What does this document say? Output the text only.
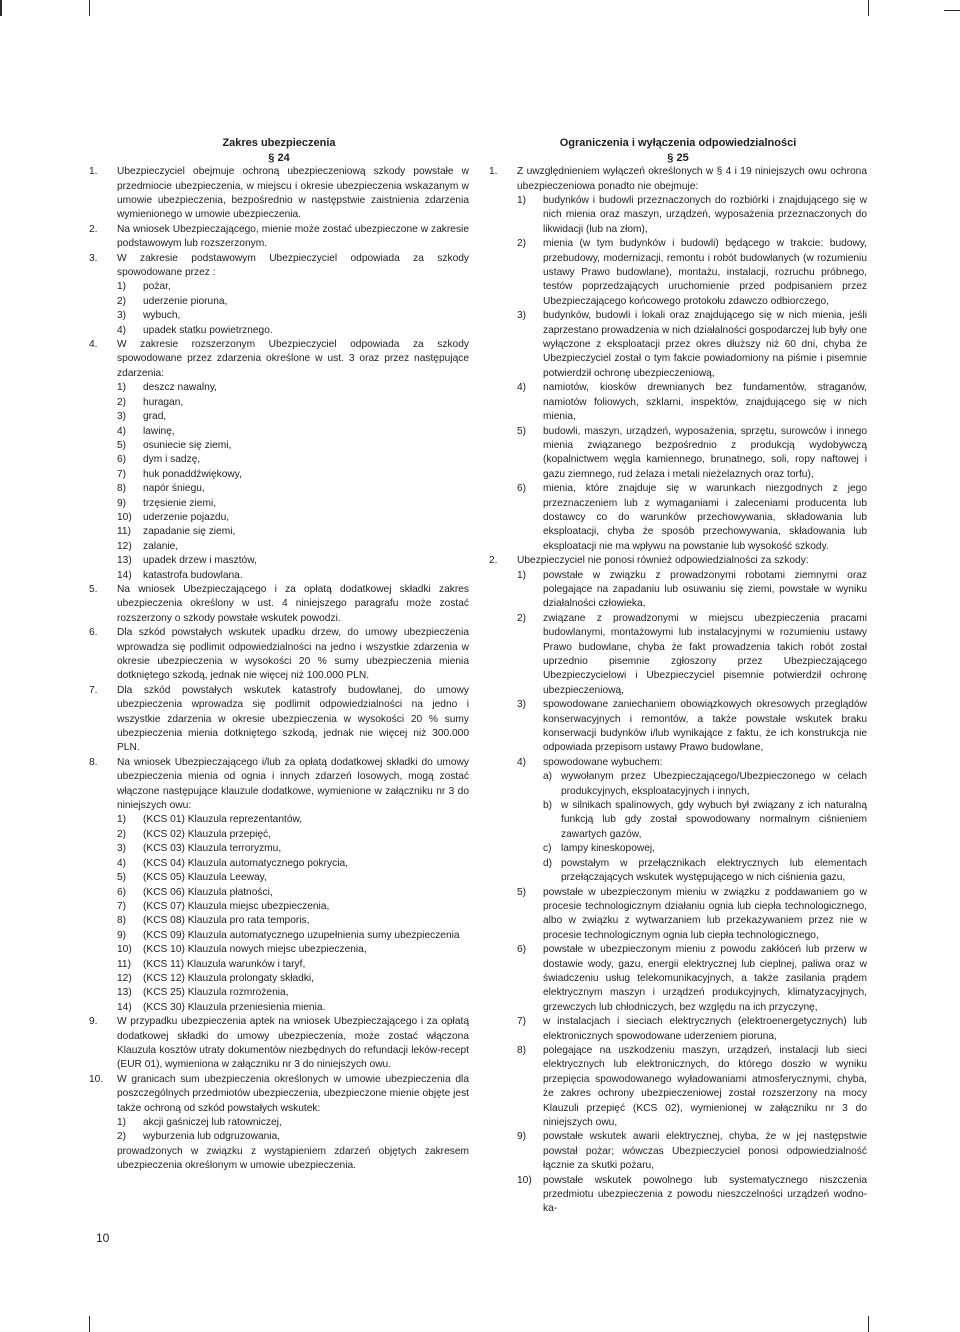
Zakres ubezpieczenia
§ 24
1.	Ubezpieczyciel obejmuje ochroną ubezpieczeniową szkody powstałe w przedmiocie ubezpieczenia, w miejscu i okresie ubezpieczenia wskazanym w umowie ubezpieczenia, bezpośrednio w następstwie zaistnienia zdarzenia wymienionego w umowie ubezpieczenia.
2.	Na wniosek Ubezpieczającego, mienie może zostać ubezpieczone w zakresie podstawowym lub rozszerzonym.
3.	W zakresie podstawowym Ubezpieczyciel odpowiada za szkody spowodowane przez :
1)	pożar,
2)	uderzenie pioruna,
3)	wybuch,
4)	upadek statku powietrznego.
4.	W zakresie rozszerzonym Ubezpieczyciel odpowiada za szkody spowodowane przez zdarzenia określone w ust. 3 oraz przez następujące zdarzenia:
1)	deszcz nawalny,
2)	huragan,
3)	grad,
4)	lawinę,
5)	osuniecie się ziemi,
6)	dym i sadzę,
7)	huk ponaddźwiękowy,
8)	napór śniegu,
9)	trzęsienie ziemi,
10)	uderzenie pojazdu,
11)	zapadanie się ziemi,
12)	zalanie,
13)	upadek drzew i masztów,
14)	katastrofa budowlana.
5.	Na wniosek Ubezpieczającego i za opłatą dodatkowej składki zakres ubezpieczenia określony w ust. 4 niniejszego paragrafu może zostać rozszerzony o szkody powstałe wskutek powodzi.
6.	Dla szkód powstałych wskutek upadku drzew, do umowy ubezpieczenia wprowadza się podlimit odpowiedzialności na jedno i wszystkie zdarzenia w okresie ubezpieczenia w wysokości 20 % sumy ubezpieczenia mienia dotkniętego szkodą, jednak nie więcej niż 100.000 PLN.
7.	Dla szkód powstałych wskutek katastrofy budowlanej, do umowy ubezpieczenia wprowadza się podlimit odpowiedzialności na jedno i wszystkie zdarzenia w okresie ubezpieczenia w wysokości 20 % sumy ubezpieczenia mienia dotkniętego szkodą, jednak nie więcej niż 300.000 PLN.
8.	Na wniosek Ubezpieczającego i/lub za opłatą dodatkowej składki do umowy ubezpieczenia mienia od ognia i innych zdarzeń losowych, mogą zostać włączone następujące klauzule dodatkowe, wymienione w załączniku nr 3 do niniejszych owu:
1)	(KCS 01) Klauzula reprezentantów,
2)	(KCS 02) Klauzula przepięć,
3)	(KCS 03) Klauzula terroryzmu,
4)	(KCS 04) Klauzula automatycznego pokrycia,
5)	(KCS 05) Klauzula Leeway,
6)	(KCS 06) Klauzula płatności,
7)	(KCS 07) Klauzula miejsc ubezpieczenia,
8)	(KCS 08) Klauzula pro rata temporis,
9)	(KCS 09) Klauzula automatycznego uzupełnienia sumy ubezpieczenia
10)	(KCS 10) Klauzula nowych miejsc ubezpieczenia,
11)	(KCS 11) Klauzula warunków i taryf,
12)	(KCS 12) Klauzula prolongaty składki,
13)	(KCS 25) Klauzula rozmrożenia,
14)	(KCS 30) Klauzula przeniesienia mienia.
9.	W przypadku ubezpieczenia aptek na wniosek Ubezpieczającego i za opłatą dodatkowej składki do umowy ubezpieczenia, może zostać włączona Klauzula kosztów utraty dokumentów niezbędnych do refundacji leków-recept (EUR 01), wymieniona w załączniku nr 3 do niniejszych owu.
10.	W granicach sum ubezpieczenia określonych w umowie ubezpieczenia dla poszczególnych przedmiotów ubezpieczenia, ubezpieczone mienie objęte jest także ochroną od szkód powstałych wskutek:
1)	akcji gaśniczej lub ratowniczej,
2)	wyburzenia lub odgruzowania,
prowadzonych w związku z wystąpieniem zdarzeń objętych zakresem ubezpieczenia określonym w umowie ubezpieczenia.
Ograniczenia i wyłączenia odpowiedzialności
§ 25
1.	Z uwzględnieniem wyłączeń określonych w § 4 i 19 niniejszych owu ochrona ubezpieczeniowa ponadto nie obejmuje:
1)	budynków i budowli przeznaczonych do rozbiórki i znajdującego się w nich mienia oraz maszyn, urządzeń, wyposażenia przeznaczonych do likwidacji (lub na złom),
2)	mienia (w tym budynków i budowli) będącego w trakcie: budowy, przebudowy, modernizacji, remontu i robót budowlanych (w rozumieniu ustawy Prawo budowlane), montażu, instalacji, rozruchu próbnego, testów poprzedzających uruchomienie przed podpisaniem przez Ubezpieczającego końcowego protokołu zdawczo odbiorczego,
3)	budynków, budowli i lokali oraz znajdującego się w nich mienia, jeśli zaprzestano prowadzenia w nich działalności gospodarczej lub były one wyłączone z eksploatacji przez okres dłuższy niż 60 dni, chyba że Ubezpieczyciel został o tym fakcie powiadomiony na piśmie i pisemnie potwierdził ochronę ubezpieczeniową,
4)	namiotów, kiosków drewnianych bez fundamentów, straganów, namiotów foliowych, szklarni, inspektów, znajdującego się w nich mienia,
5)	budowli, maszyn, urządzeń, wyposażenia, sprzętu, surowców i innego mienia związanego bezpośrednio z produkcją wydobywczą (kopalnictwem węgla kamiennego, brunatnego, soli, ropy naftowej i gazu ziemnego, rud żelaza i metali nieżelaznych oraz torfu),
6)	mienia, które znajduje się w warunkach niezgodnych z jego przeznaczeniem lub z wymaganiami i zaleceniami producenta lub dostawcy co do warunków przechowywania, składowania lub eksploatacji, chyba że sposób przechowywania, składowania lub eksploatacji nie ma wpływu na powstanie lub wysokość szkody.
2.	Ubezpieczyciel nie ponosi również odpowiedzialności za szkody:
1)	powstałe w związku z prowadzonymi robotami ziemnymi oraz polegające na zapadaniu lub osuwaniu się ziemi, powstałe w wyniku działalności człowieka,
2)	związane z prowadzonymi w miejscu ubezpieczenia pracami budowlanymi, montażowymi lub instalacyjnymi w rozumieniu ustawy Prawo budowlane, chyba że fakt prowadzenia takich robót został uprzednio pisemnie zgłoszony przez Ubezpieczającego Ubezpieczycielowi i Ubezpieczyciel pisemnie potwierdził ochronę ubezpieczeniową,
3)	spowodowane zaniechaniem obowiązkowych okresowych przeglądów konserwacyjnych i remontów, a także powstałe wskutek braku konserwacji budynków i/lub wynikające z faktu, że ich konstrukcja nie odpowiada przepisom ustawy Prawo budowlane,
4)	spowodowane wybuchem:
a) wywołanym przez Ubezpieczającego/Ubezpieczonego w celach produkcyjnych, eksploatacyjnych i innych,
b) w silnikach spalinowych, gdy wybuch był związany z ich naturalną funkcją lub gdy został spowodowany normalnym ciśnieniem zawartych gazów,
c) lampy kineskopowej,
d) powstałym w przełącznikach elektrycznych lub elementach przełączających wskutek występującego w nich ciśnienia gazu,
5)	powstałe w ubezpieczonym mieniu w związku z poddawaniem go w procesie technologicznym działaniu ognia lub ciepła technologicznego, albo w związku z wytwarzaniem lub przekazywaniem przez nie w procesie technologicznym ognia lub ciepła technologicznego,
6)	powstałe w ubezpieczonym mieniu z powodu zakłóceń lub przerw w dostawie wody, gazu, energii elektrycznej lub cieplnej, paliwa oraz w świadczeniu usług telekomunikacyjnych, a także zasilania prądem elektrycznym maszyn i urządzeń produkcyjnych, klimatyzacyjnych, grzewczych lub chłodniczych, bez względu na ich przyczynę,
7)	w instalacjach i sieciach elektrycznych (elektroenergetycznych) lub elektronicznych spowodowane uderzeniem pioruna,
8)	polegające na uszkodzeniu maszyn, urządzeń, instalacji lub sieci elektrycznych lub elektronicznych, do którego doszło w wyniku przepięcia spowodowanego wyładowaniami atmosferycznymi, chyba, że zakres ochrony ubezpieczeniowej został rozszerzony na mocy Klauzuli przepięć (KCS 02), wymienionej w załączniku nr 3 do niniejszych owu,
9)	powstałe wskutek awarii elektrycznej, chyba, że w jej następstwie powstał pożar; wówczas Ubezpieczyciel ponosi odpowiedzialność łącznie za skutki pożaru,
10)	powstałe wskutek powolnego lub systematycznego niszczenia przedmiotu ubezpieczenia z powodu nieszczelności urządzeń wodno-ka-
10
